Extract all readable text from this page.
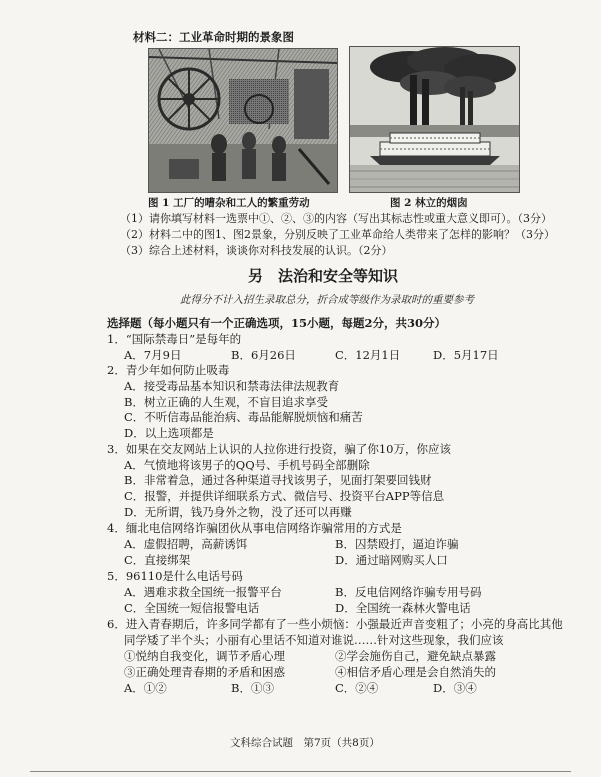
材料二：工业革命时期的景象图
图 1 工厂的嘈杂和工人的繁重劳动	图 2 林立的烟囱
（1）请你填写材料一选票中①、②、③的内容（写出其标志性或重大意义即可）。（3分）
（2）材料二中的图1、图2景象，分别反映了工业革命给人类带来了怎样的影响？（3分）
（3）综合上述材料，谈谈你对科技发展的认识。（2分）
另　法治和安全等知识
此得分不计入招生录取总分，折合成等级作为录取时的重要参考
选择题（每小题只有一个正确选项，15小题，每题2分，共30分）
1．“国际禁毒日”是每年的
A．7月9日	B．6月26日	C．12月1日	D．5月17日
2．青少年如何防止吸毒
A．接受毒品基本知识和禁毒法律法规教育
B．树立正确的人生观，不盲目追求享受
C．不听信毒品能治病、毒品能解脱烦恼和痛苦
D．以上选项都是
3．如果在交友网站上认识的人拉你进行投资，骗了你10万，你应该
A．气愤地将该男子的QQ号、手机号码全部删除
B．非常着急，通过各种渠道寻找该男子，见面打架要回钱财
C．报警，并提供详细联系方式、微信号、投资平台APP等信息
D．无所谓，钱乃身外之物，没了还可以再赚
4．缅北电信网络诈骗团伙从事电信网络诈骗常用的方式是
A．虚假招聘，高薪诱饵	B．囚禁殴打，逼迫诈骗
C．直接绑架	D．通过暗网购买人口
5．96110是什么电话号码
A．遇难求救全国统一报警平台	B．反电信网络诈骗专用号码
C．全国统一短信报警电话	D．全国统一森林火警电话
6．进入青春期后，许多同学都有了一些小烦恼：小强最近声音变粗了；小亮的身高比其他
同学矮了半个头；小丽有心里话不知道对谁说……针对这些现象，我们应该
①悦纳自我变化，调节矛盾心理	②学会施伤自己，避免缺点暴露
③正确处理青春期的矛盾和困惑	④相信矛盾心理是会自然消失的
A．①②	B．①③	C．②④	D．③④
文科综合试题　第7页（共8页）
